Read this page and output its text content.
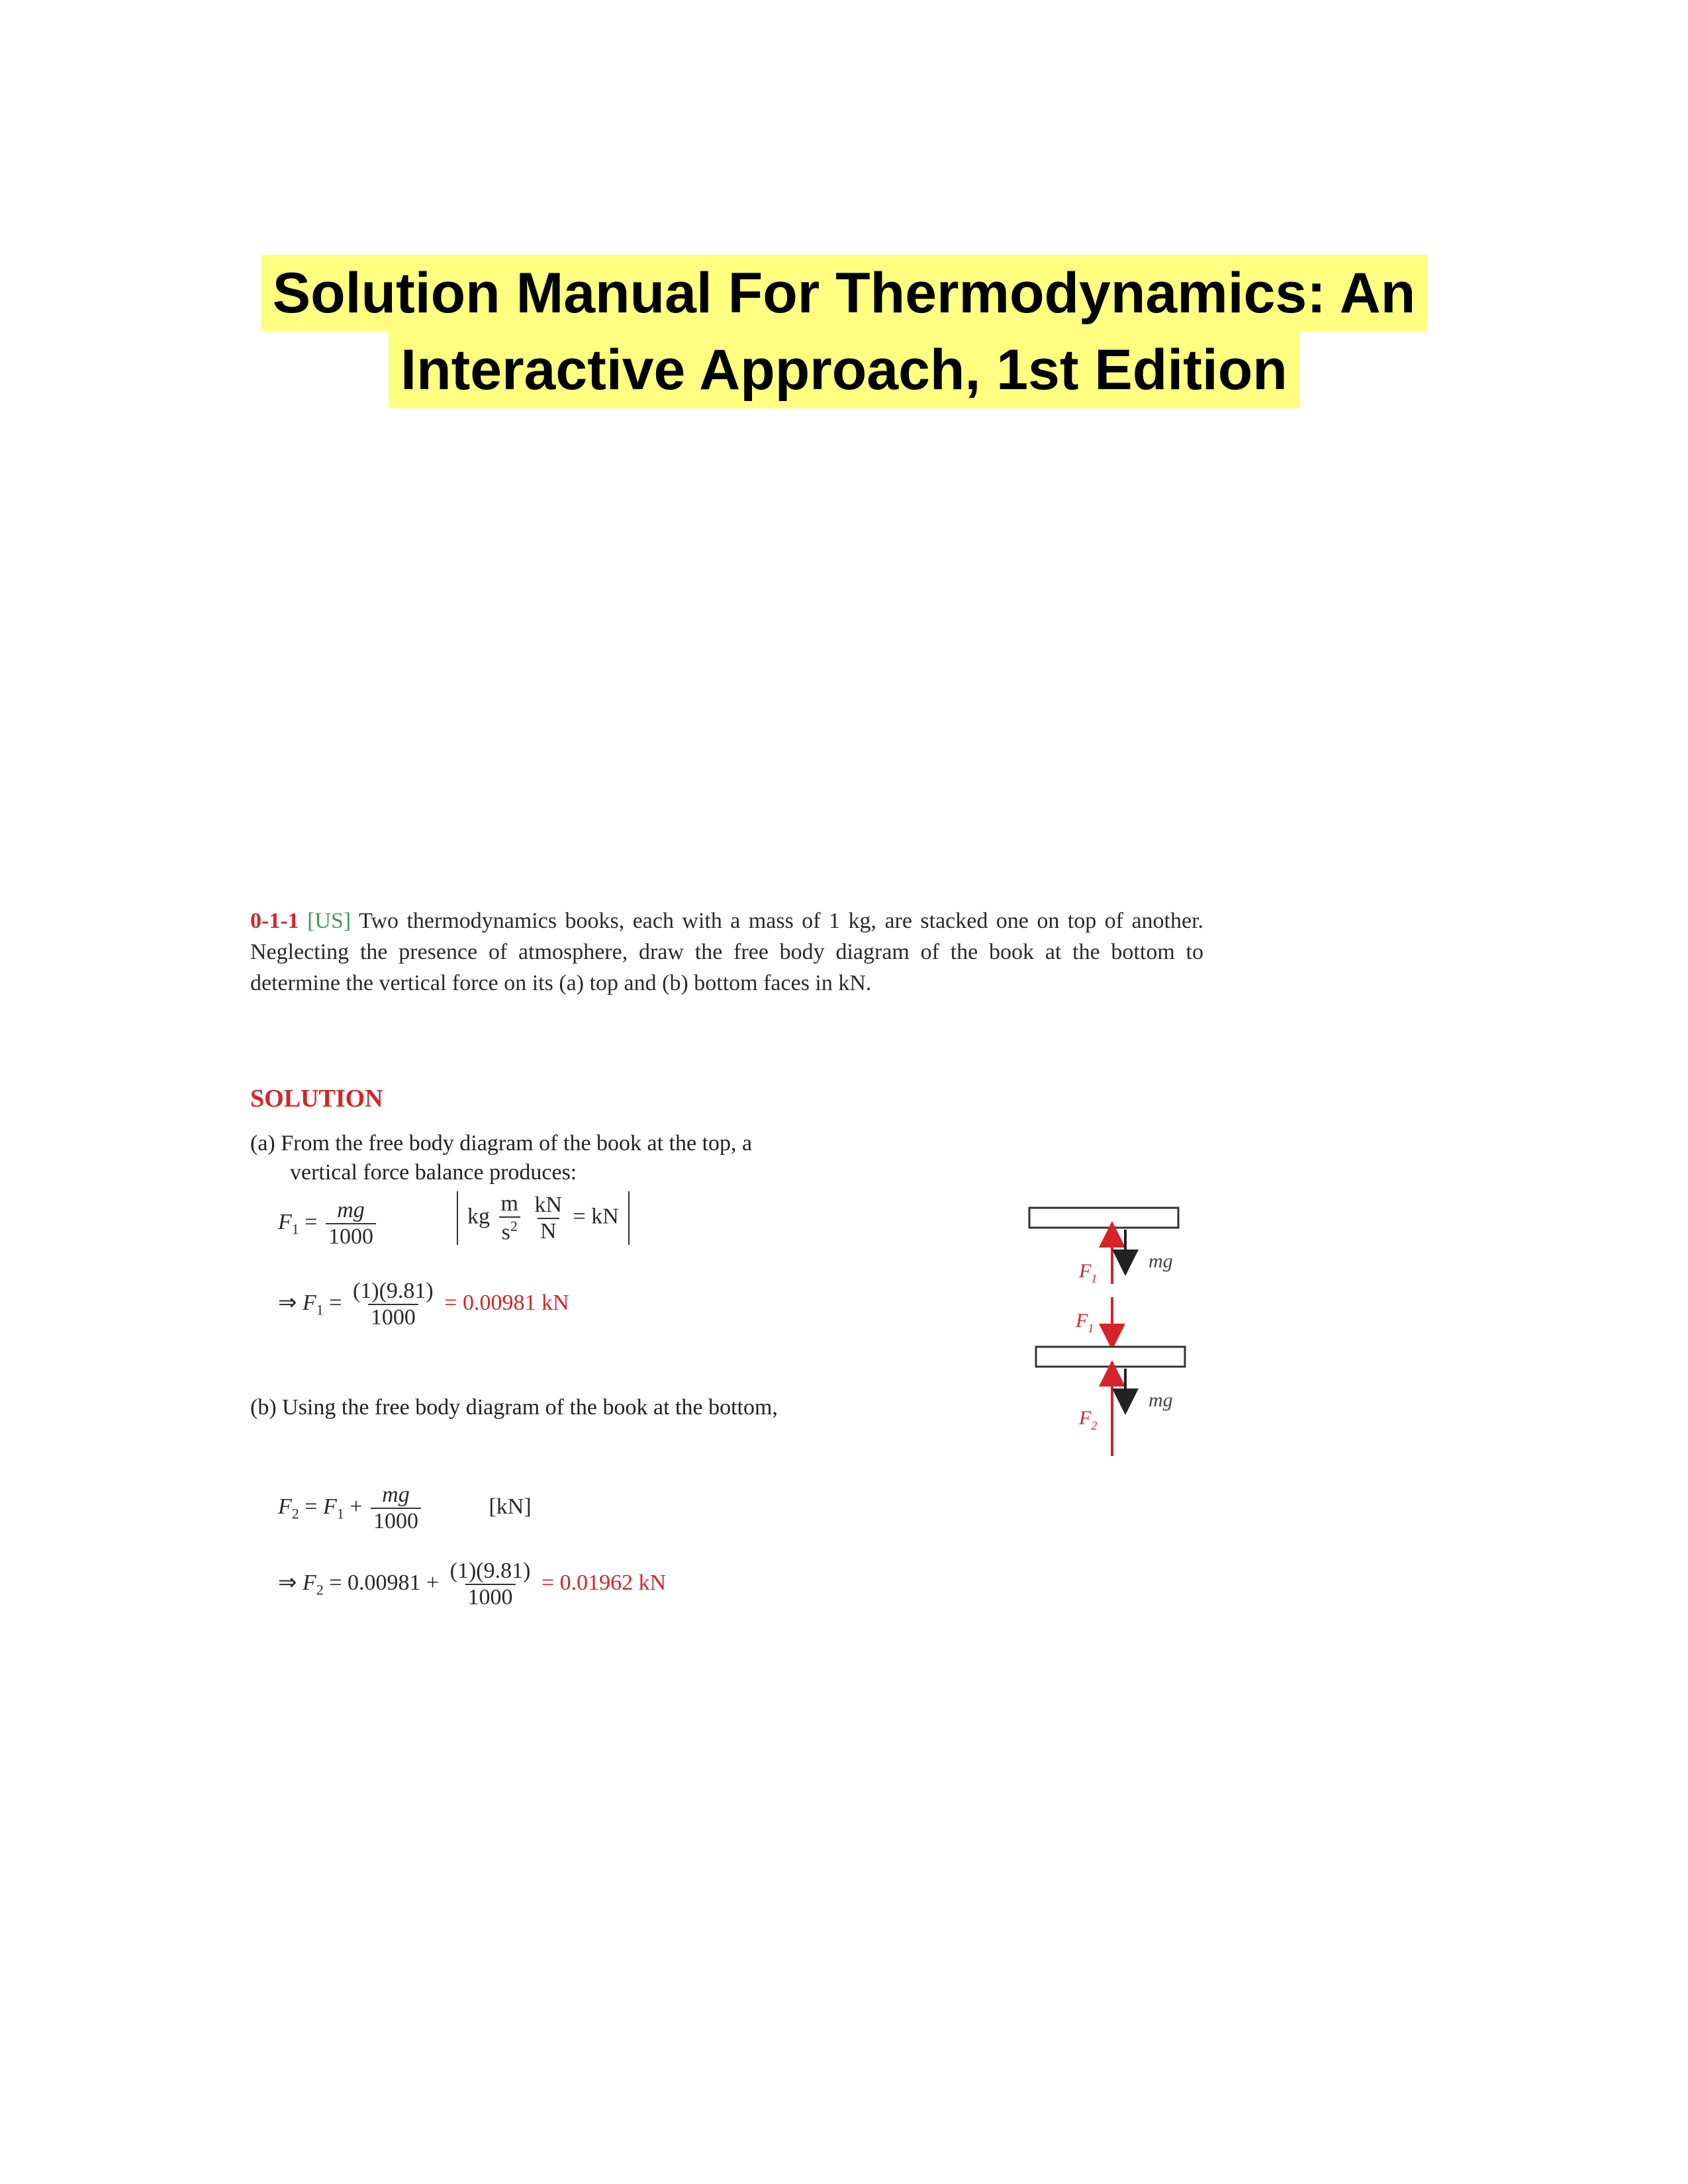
Solution Manual For Thermodynamics: An
Interactive Approach, 1st Edition
0-1-1 [US] Two thermodynamics books, each with a mass of 1 kg, are stacked one on top of another. Neglecting the presence of atmosphere, draw the free body diagram of the book at the bottom to determine the vertical force on its (a) top and (b) bottom faces in kN.
SOLUTION
(a) From the free body diagram of the book at the top, a
vertical force balance produces:
$F_1 = \frac{mg}{1000}$	kg $\frac{m}{s^2}$
$\frac{kN}{N}$ = kN
⇒ $F_1 = \frac{(1)(9.81)}{1000} = 0.00981$ kN
(b) Using the free body diagram of the book at the bottom,
$F_2 = F_1 + \frac{mg}{1000}$	[kN]
⇒ $F_2 = 0.00981 + \frac{(1)(9.81)}{1000} = 0.01962$ kN
$F_1$
mg
$F_1$
$F_2$
mg
